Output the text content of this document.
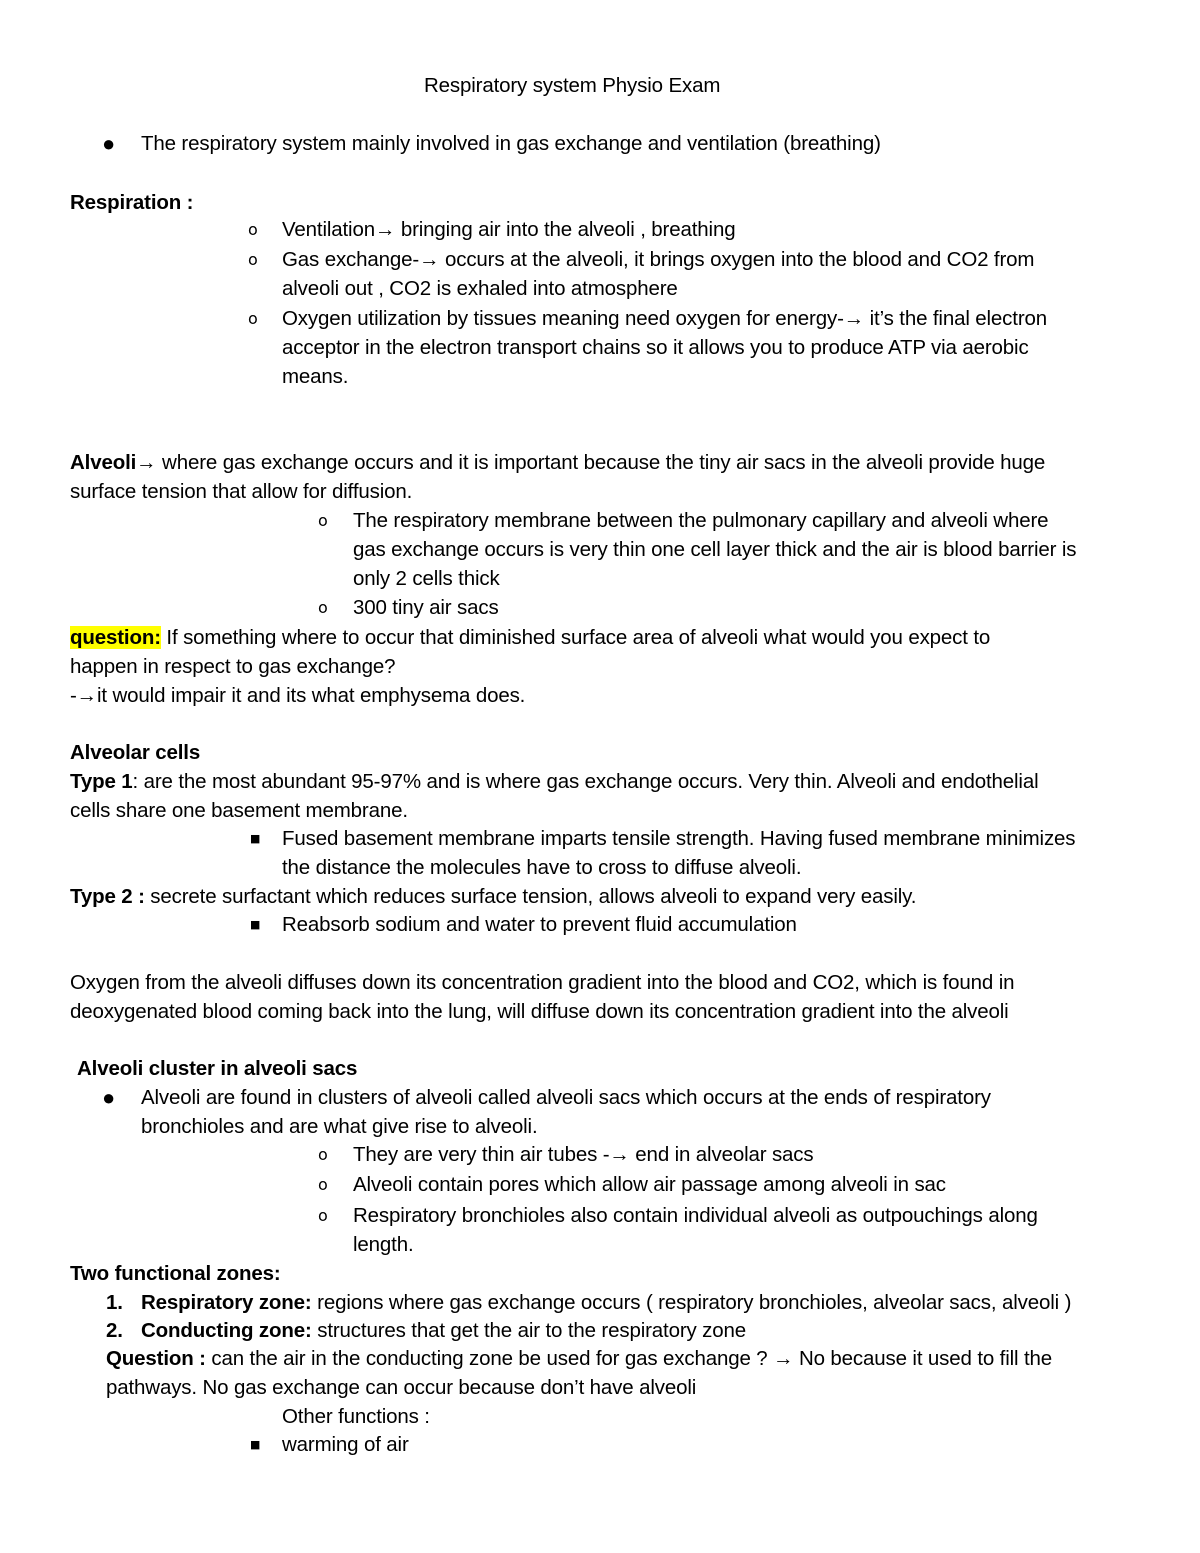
Respiratory system Physio Exam
● The respiratory system mainly involved in gas exchange and ventilation (breathing)
Respiration :
o Ventilation→ bringing air into the alveoli , breathing
o Gas exchange-→ occurs at the alveoli, it brings oxygen into the blood and CO2 from
alveoli out , CO2 is exhaled into atmosphere
o Oxygen utilization by tissues meaning need oxygen for energy-→ it’s the final electron
acceptor in the electron transport chains so it allows you to produce ATP via aerobic
means.
Alveoli→ where gas exchange occurs and it is important because the tiny air sacs in the alveoli provide huge
surface tension that allow for diffusion.
o The respiratory membrane between the pulmonary capillary and alveoli where
gas exchange occurs is very thin one cell layer thick and the air is blood barrier is
only 2 cells thick
o 300 tiny air sacs
question: If something where to occur that diminished surface area of alveoli what would you expect to
happen in respect to gas exchange?
-→it would impair it and its what emphysema does.
Alveolar cells
Type 1: are the most abundant 95-97% and is where gas exchange occurs. Very thin. Alveoli and endothelial
cells share one basement membrane.
■ Fused basement membrane imparts tensile strength. Having fused membrane minimizes
the distance the molecules have to cross to diffuse alveoli.
Type 2 : secrete surfactant which reduces surface tension, allows alveoli to expand very easily.
■ Reabsorb sodium and water to prevent fluid accumulation
Oxygen from the alveoli diffuses down its concentration gradient into the blood and CO2, which is found in
deoxygenated blood coming back into the lung, will diffuse down its concentration gradient into the alveoli
Alveoli cluster in alveoli sacs
● Alveoli are found in clusters of alveoli called alveoli sacs which occurs at the ends of respiratory
bronchioles and are what give rise to alveoli.
o They are very thin air tubes -→ end in alveolar sacs
o Alveoli contain pores which allow air passage among alveoli in sac
o Respiratory bronchioles also contain individual alveoli as outpouchings along
length.
Two functional zones:
1. Respiratory zone: regions where gas exchange occurs ( respiratory bronchioles, alveolar sacs, alveoli )
2. Conducting zone: structures that get the air to the respiratory zone
Question : can the air in the conducting zone be used for gas exchange ? → No because it used to fill the
pathways. No gas exchange can occur because don’t have alveoli
Other functions :
■ warming of air
